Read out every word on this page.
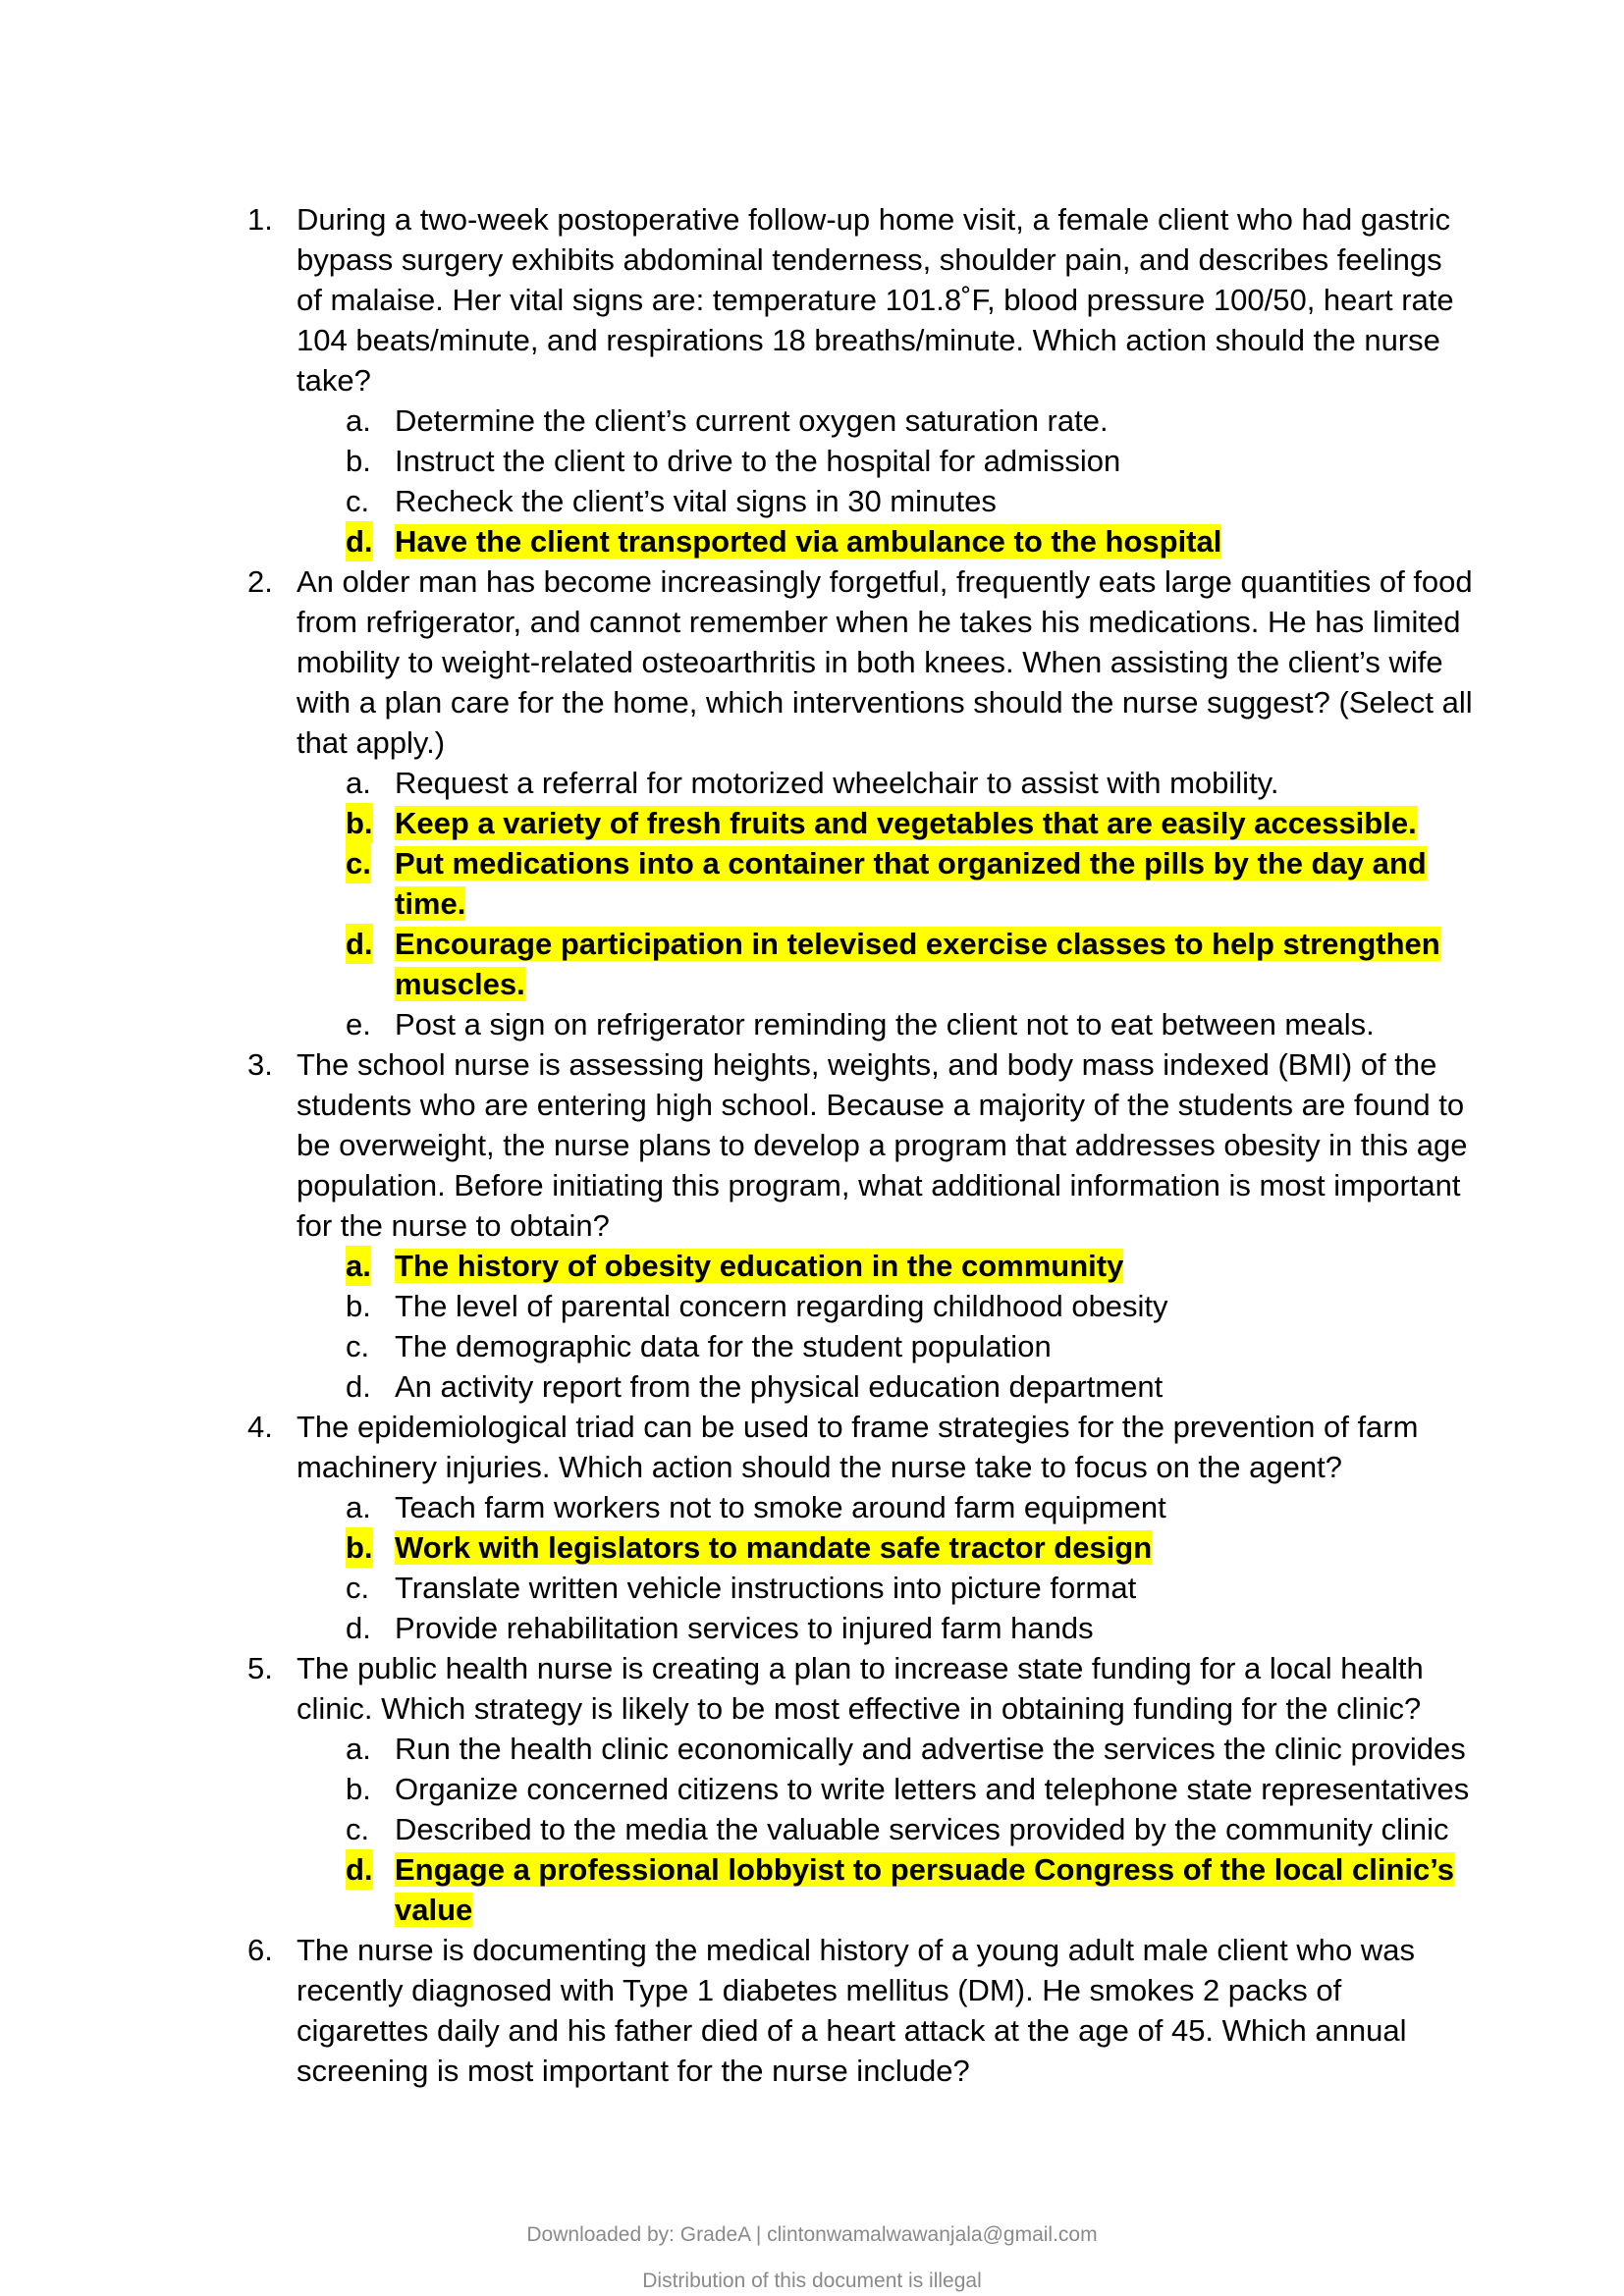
1. During a two-week postoperative follow-up home visit, a female client who had gastric bypass surgery exhibits abdominal tenderness, shoulder pain, and describes feelings of malaise. Her vital signs are: temperature 101.8˚F, blood pressure 100/50, heart rate 104 beats/minute, and respirations 18 breaths/minute. Which action should the nurse take?
a. Determine the client’s current oxygen saturation rate.
b. Instruct the client to drive to the hospital for admission
c. Recheck the client’s vital signs in 30 minutes
d. Have the client transported via ambulance to the hospital
2. An older man has become increasingly forgetful, frequently eats large quantities of food from refrigerator, and cannot remember when he takes his medications. He has limited mobility to weight-related osteoarthritis in both knees. When assisting the client’s wife with a plan care for the home, which interventions should the nurse suggest? (Select all that apply.)
a. Request a referral for motorized wheelchair to assist with mobility.
b. Keep a variety of fresh fruits and vegetables that are easily accessible.
c. Put medications into a container that organized the pills by the day and time.
d. Encourage participation in televised exercise classes to help strengthen muscles.
e. Post a sign on refrigerator reminding the client not to eat between meals.
3. The school nurse is assessing heights, weights, and body mass indexed (BMI) of the students who are entering high school. Because a majority of the students are found to be overweight, the nurse plans to develop a program that addresses obesity in this age population. Before initiating this program, what additional information is most important for the nurse to obtain?
a. The history of obesity education in the community
b. The level of parental concern regarding childhood obesity
c. The demographic data for the student population
d. An activity report from the physical education department
4. The epidemiological triad can be used to frame strategies for the prevention of farm machinery injuries. Which action should the nurse take to focus on the agent?
a. Teach farm workers not to smoke around farm equipment
b. Work with legislators to mandate safe tractor design
c. Translate written vehicle instructions into picture format
d. Provide rehabilitation services to injured farm hands
5. The public health nurse is creating a plan to increase state funding for a local health clinic. Which strategy is likely to be most effective in obtaining funding for the clinic?
a. Run the health clinic economically and advertise the services the clinic provides
b. Organize concerned citizens to write letters and telephone state representatives
c. Described to the media the valuable services provided by the community clinic
d. Engage a professional lobbyist to persuade Congress of the local clinic’s value
6. The nurse is documenting the medical history of a young adult male client who was recently diagnosed with Type 1 diabetes mellitus (DM). He smokes 2 packs of cigarettes daily and his father died of a heart attack at the age of 45. Which annual screening is most important for the nurse include?
Downloaded by: GradeA | clintonwamalwawanjala@gmail.com
Distribution of this document is illegal
